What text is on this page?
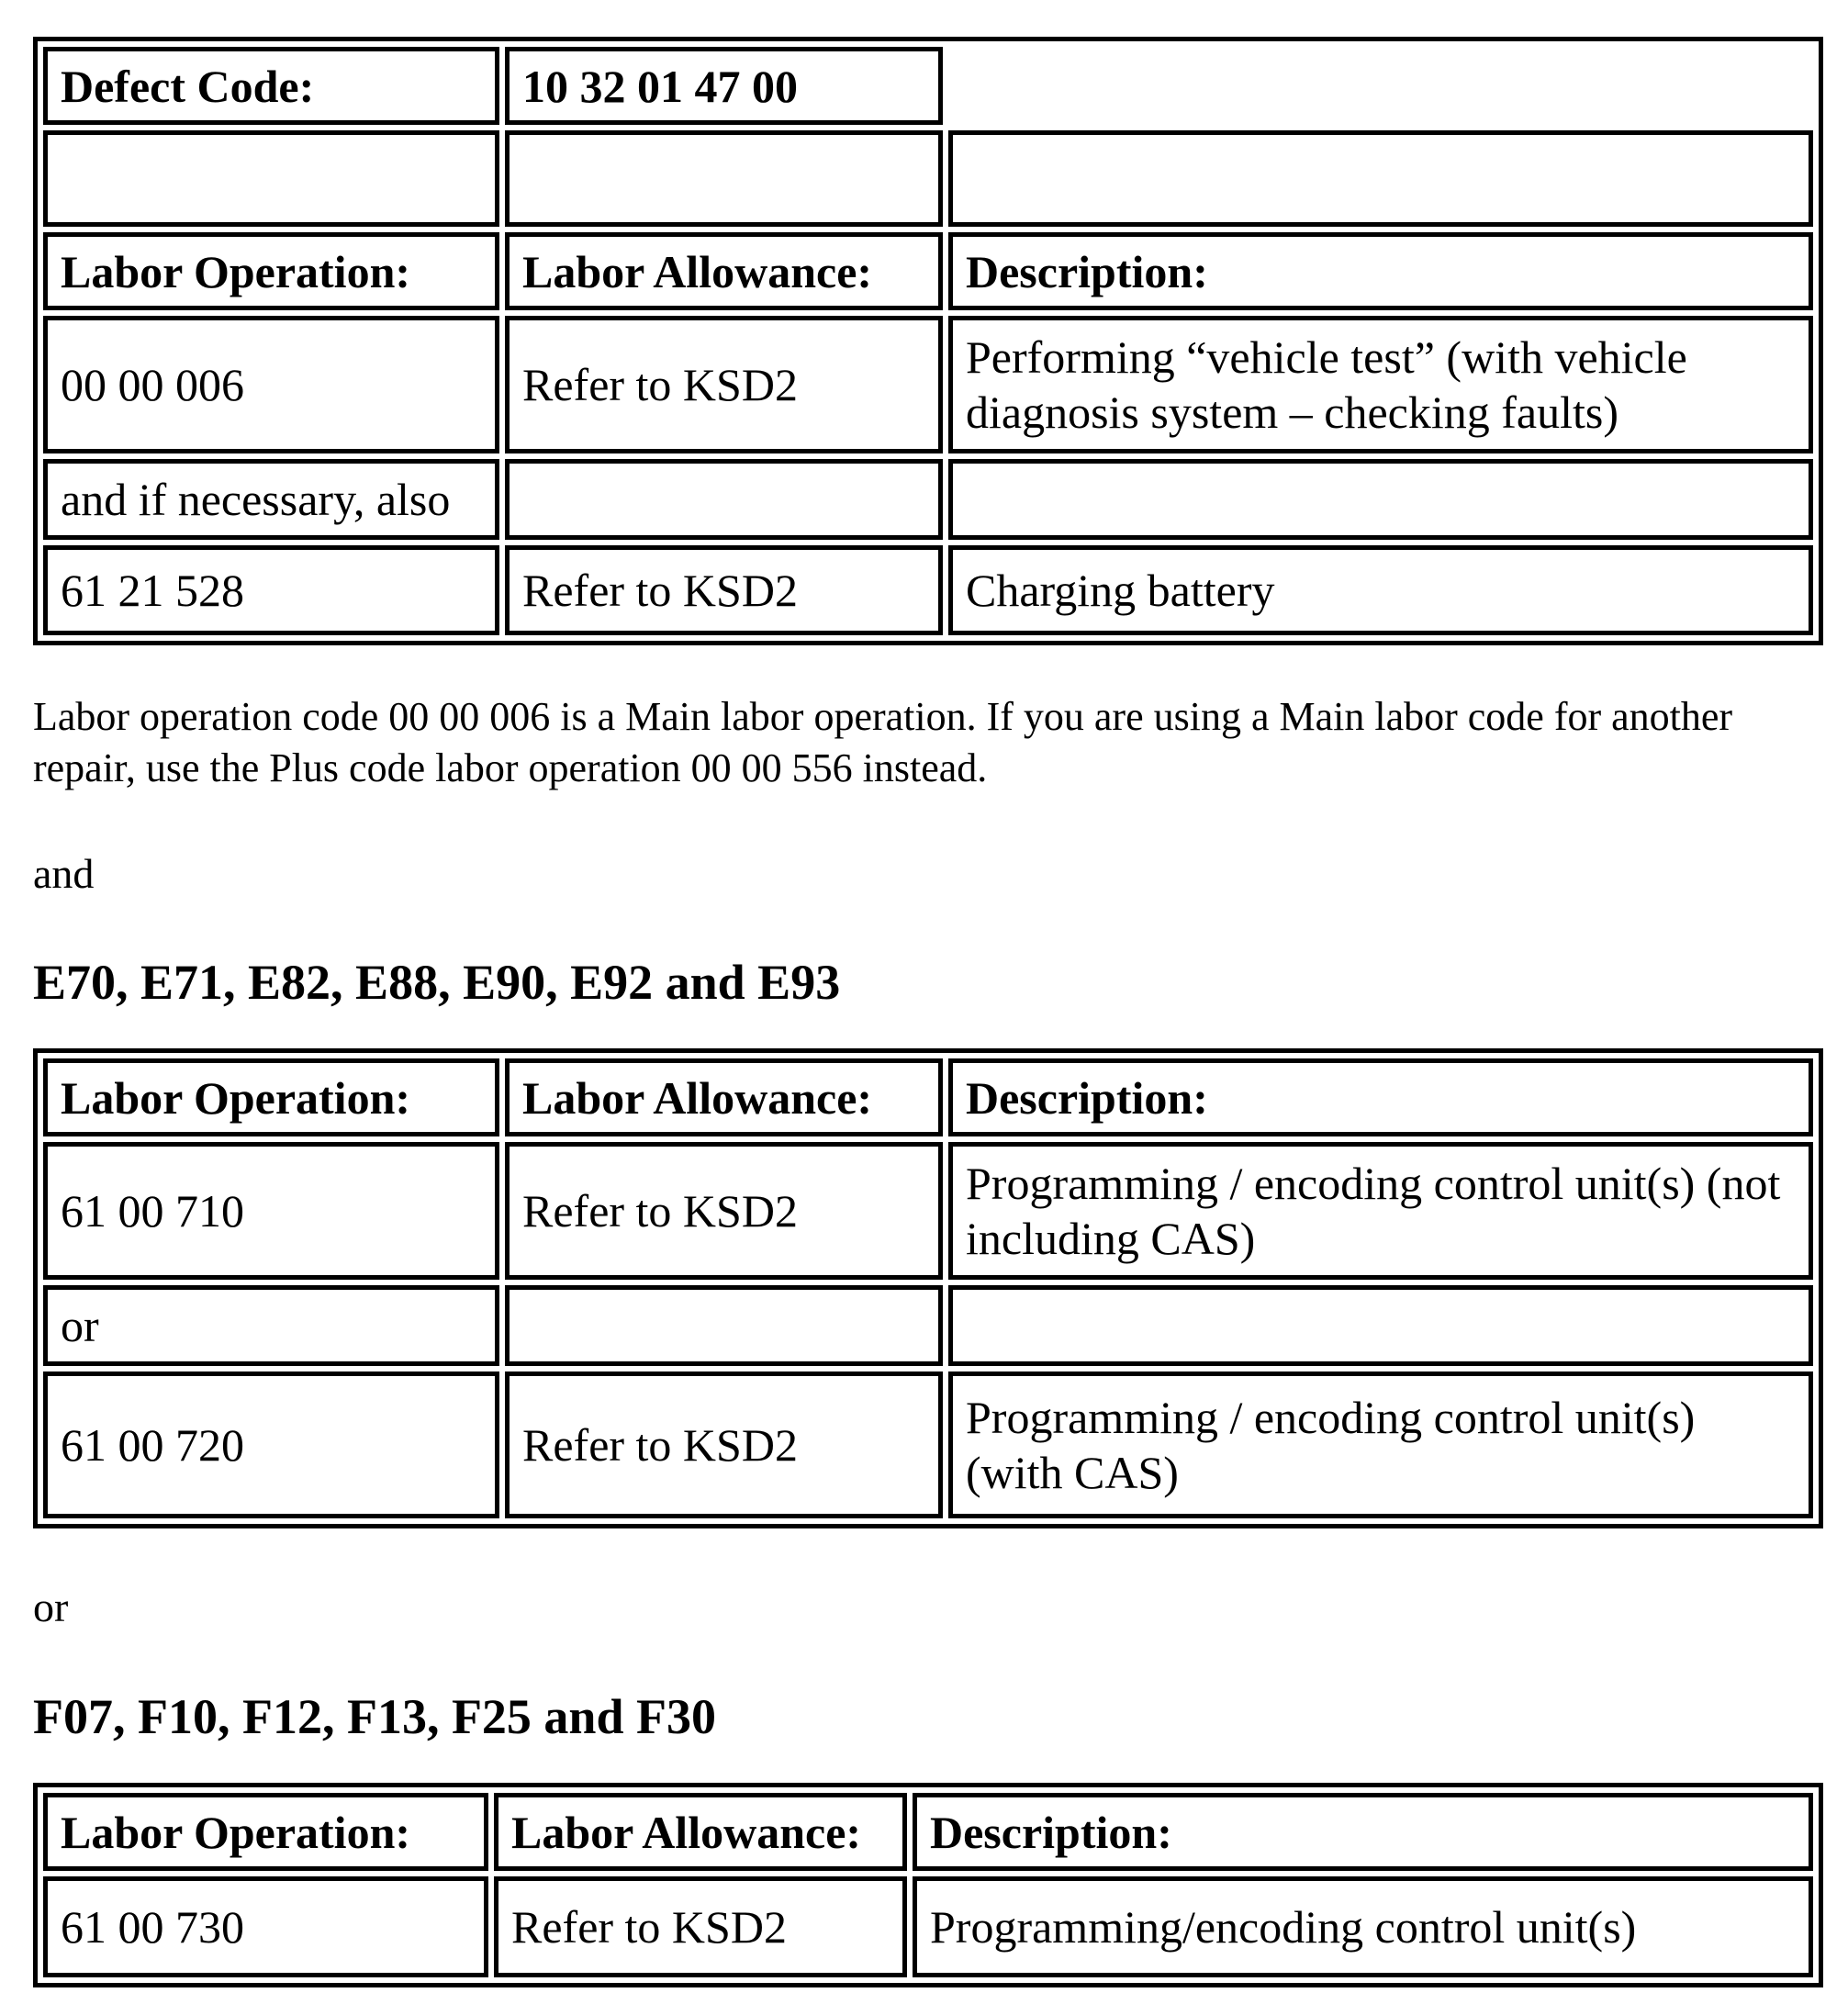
Defect Code:	10 32 01 47 00	

Labor Operation:	Labor Allowance:	Description:
00 00 006	Refer to KSD2	Performing “vehicle test” (with vehicle diagnosis system – checking faults)
and if necessary, also		
61 21 528	Refer to KSD2	Charging battery

Labor operation code 00 00 006 is a Main labor operation. If you are using a Main labor code for another repair, use the Plus code labor operation 00 00 556 instead.

and
E70, E71, E82, E88, E90, E92 and E93
Labor Operation:	Labor Allowance:	Description:
61 00 710	Refer to KSD2	Programming / encoding control unit(s) (not including CAS)
or		
61 00 720	Refer to KSD2	Programming / encoding control unit(s) (with CAS)
or
F07, F10, F12, F13, F25 and F30
Labor Operation:	Labor Allowance:	Description:
61 00 730	Refer to KSD2	Programming/encoding control unit(s)
